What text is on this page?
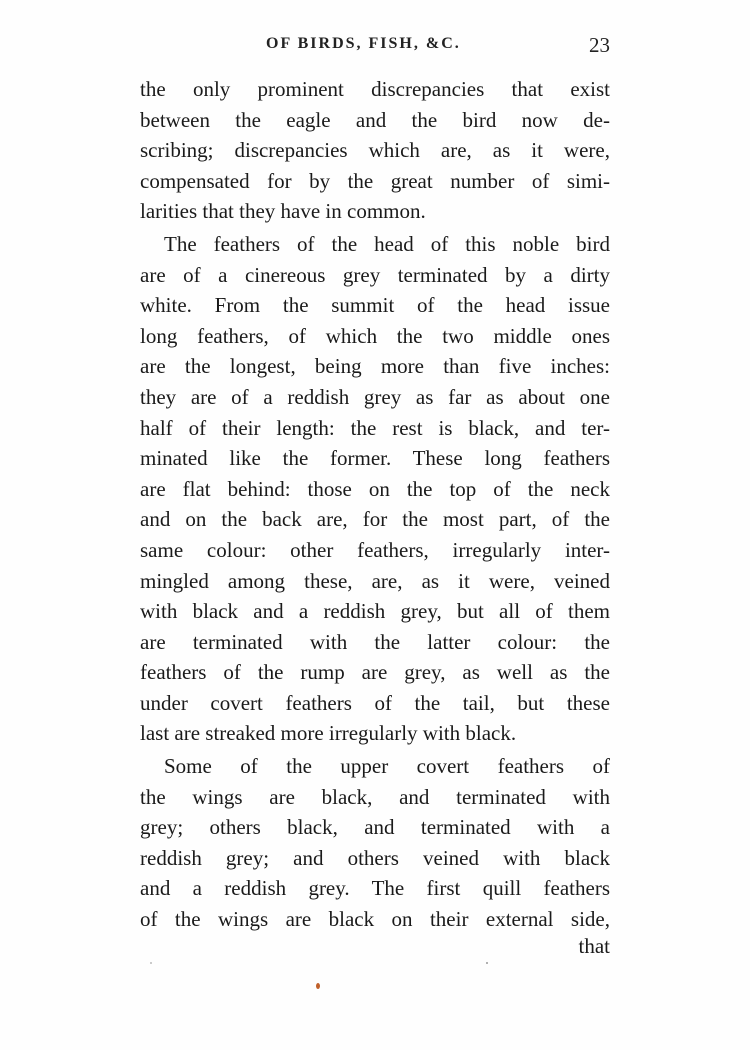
OF BIRDS, FISH, &C.	23
the only prominent discrepancies that exist
between the eagle and the bird now de-
scribing; discrepancies which are, as it were,
compensated for by the great number of simi-
larities that they have in common.
The feathers of the head of this noble bird
are of a cinereous grey terminated by a dirty
white. From the summit of the head issue
long feathers, of which the two middle ones
are the longest, being more than five inches:
they are of a reddish grey as far as about one
half of their length: the rest is black, and ter-
minated like the former. These long feathers
are flat behind: those on the top of the neck
and on the back are, for the most part, of the
same colour: other feathers, irregularly inter-
mingled among these, are, as it were, veined
with black and a reddish grey, but all of them
are terminated with the latter colour: the
feathers of the rump are grey, as well as the
under covert feathers of the tail, but these
last are streaked more irregularly with black.
Some of the upper covert feathers of
the wings are black, and terminated with
grey; others black, and terminated with a
reddish grey; and others veined with black
and a reddish grey. The first quill feathers
of the wings are black on their external side,
that
